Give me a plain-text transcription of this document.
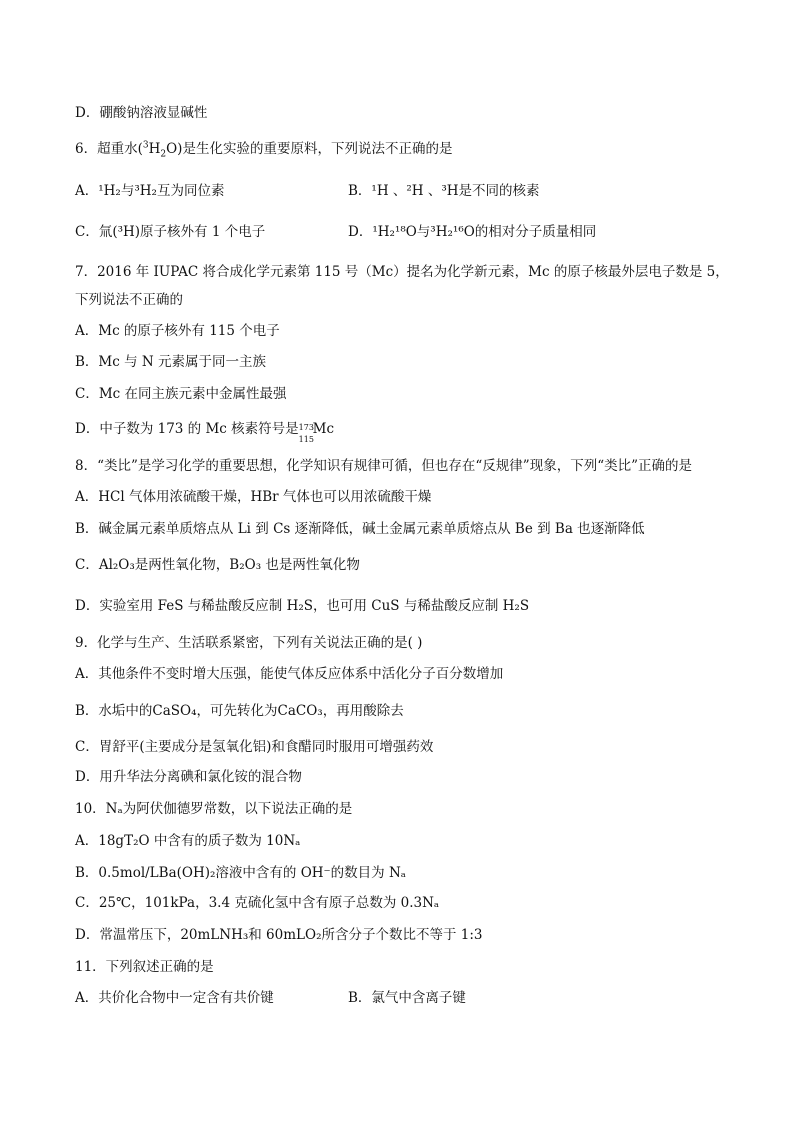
D．硼酸钠溶液显碱性
6．超重水$(^3H_2O)$是生化实验的重要原料，下列说法不正确的是
A．¹H₂与³H₂互为同位素	B．¹H 、²H 、³H是不同的核素
C．氚(³H)原子核外有 1 个电子	D．¹H₂¹⁸O与³H₂¹⁶O的相对分子质量相同
7．2016 年 IUPAC 将合成化学元素第 115 号（Mc）提名为化学新元素，Mc 的原子核最外层电子数是 5，
下列说法不正确的
A．Mc 的原子核外有 115 个电子
B．Mc 与 N 元素属于同一主族
C．Mc 在同主族元素中金属性最强
D．中子数为 173 的 Mc 核素符号是 173
115
Mc
8．“类比”是学习化学的重要思想，化学知识有规律可循，但也存在“反规律”现象，下列“类比”正确的是
A．HCl 气体用浓硫酸干燥，HBr 气体也可以用浓硫酸干燥
B．碱金属元素单质熔点从 Li 到 Cs 逐渐降低，碱土金属元素单质熔点从 Be 到 Ba 也逐渐降低
C．Al₂O₃是两性氧化物，B₂O₃ 也是两性氧化物
D．实验室用 FeS 与稀盐酸反应制 H₂S，也可用 CuS 与稀盐酸反应制 H₂S
9．化学与生产、生活联系紧密，下列有关说法正确的是( )
A．其他条件不变时增大压强，能使气体反应体系中活化分子百分数增加
B．水垢中的CaSO₄，可先转化为CaCO₃，再用酸除去
C．胃舒平(主要成分是氢氧化铝)和食醋同时服用可增强药效
D．用升华法分离碘和氯化铵的混合物
10．Nₐ为阿伏伽德罗常数，以下说法正确的是
A．18gT₂O 中含有的质子数为 10Nₐ
B．0.5mol/LBa(OH)₂溶液中含有的 OH⁻的数目为 Nₐ
C．25℃，101kPa，3.4 克硫化氢中含有原子总数为 0.3Nₐ
D．常温常压下，20mLNH₃和 60mLO₂所含分子个数比不等于 1:3
11．下列叙述正确的是
A．共价化合物中一定含有共价键	B．氯气中含离子键
